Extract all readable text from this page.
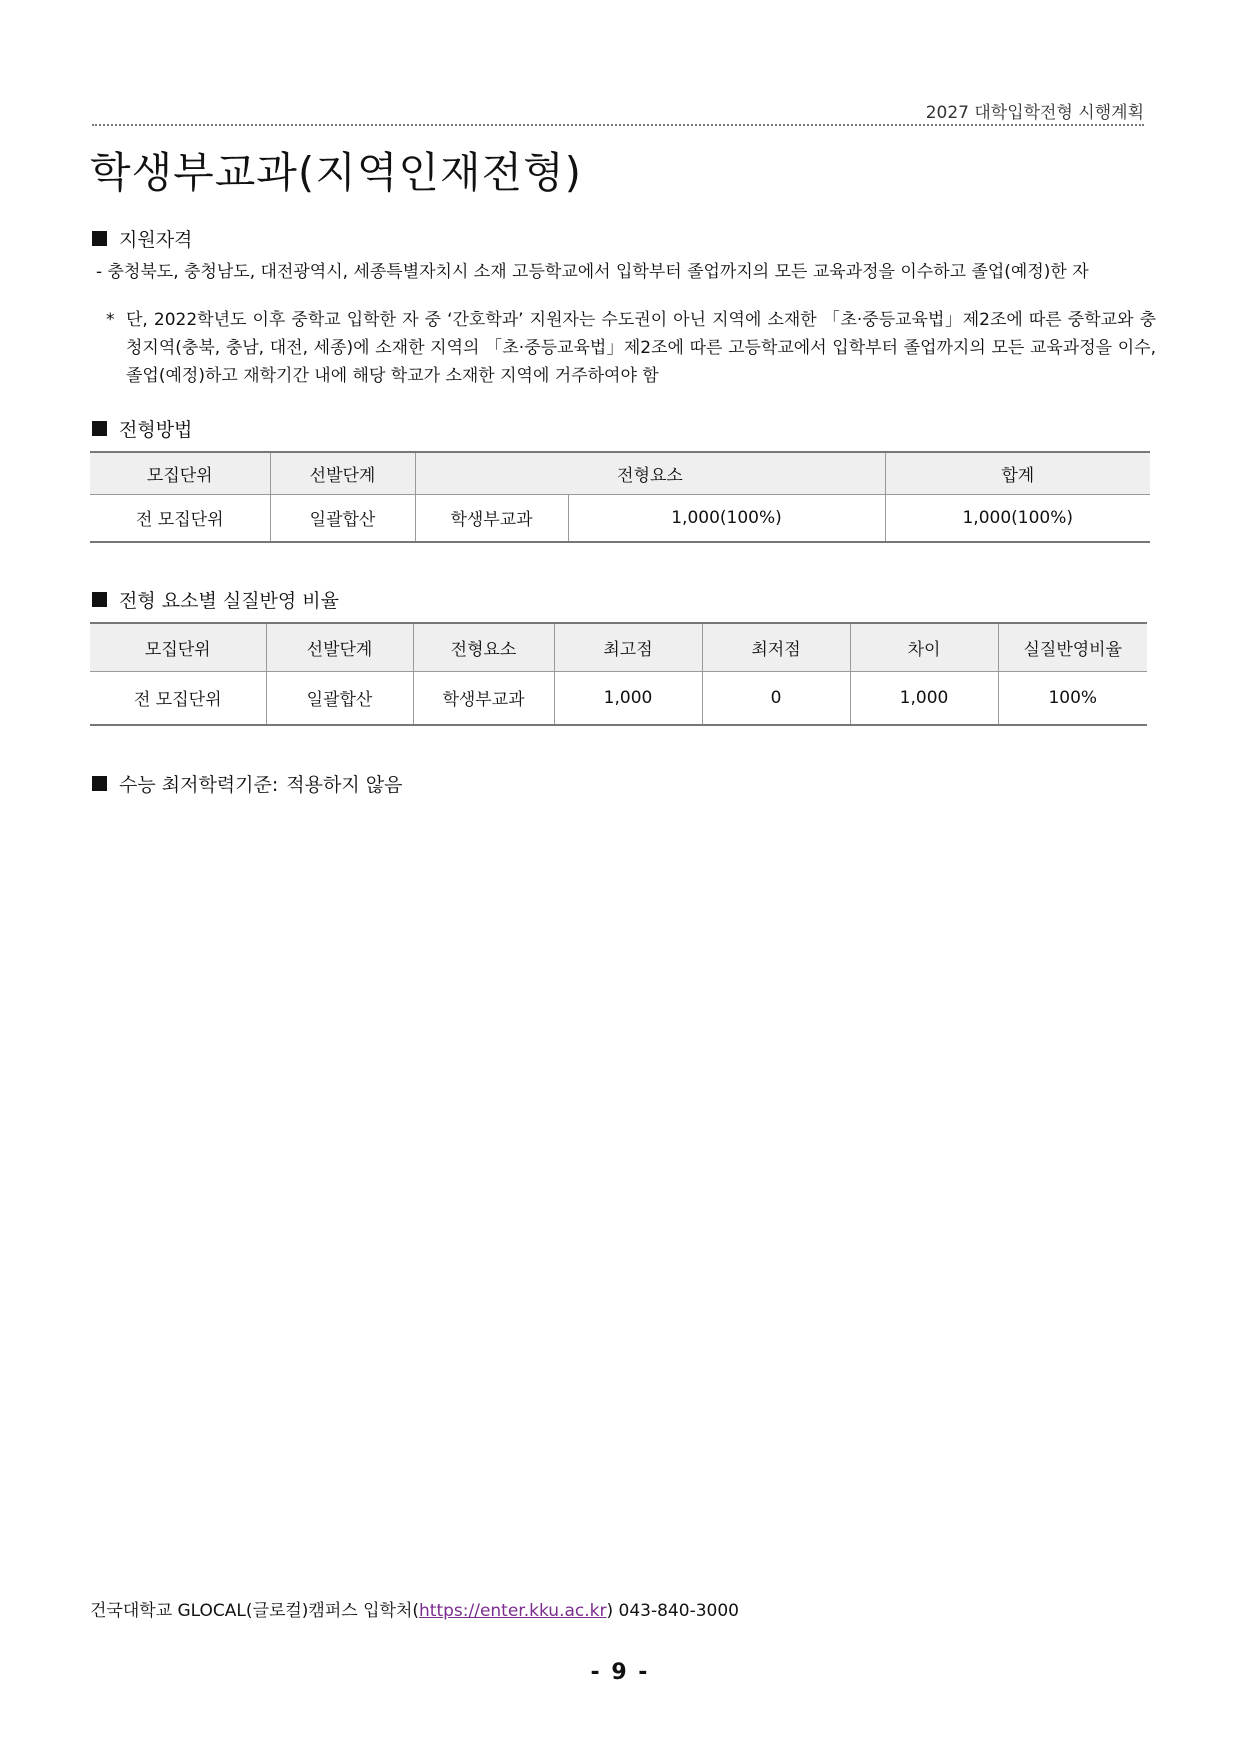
2027 대학입학전형 시행계획
학생부교과(지역인재전형)
지원자격
- 충청북도, 충청남도, 대전광역시, 세종특별자치시 소재 고등학교에서 입학부터 졸업까지의 모든 교육과정을 이수하고 졸업(예정)한 자
* 단, 2022학년도 이후 중학교 입학한 자 중 ‘간호학과’ 지원자는 수도권이 아닌 지역에 소재한 「초·중등교육법」제2조에 따른 중학교와 충청지역(충북, 충남, 대전, 세종)에 소재한 지역의 「초·중등교육법」제2조에 따른 고등학교에서 입학부터 졸업까지의 모든 교육과정을 이수, 졸업(예정)하고 재학기간 내에 해당 학교가 소재한 지역에 거주하여야 함
전형방법
모집단위	선발단계	전형요소		합계
전 모집단위	일괄합산	학생부교과	1,000(100%)	1,000(100%)
전형 요소별 실질반영 비율
모집단위	선발단계	전형요소	최고점	최저점	차이	실질반영비율
전 모집단위	일괄합산	학생부교과	1,000	0	1,000	100%
수능 최저학력기준: 적용하지 않음
건국대학교 GLOCAL(글로컬)캠퍼스 입학처(https://enter.kku.ac.kr) 043-840-3000
- 9 -
